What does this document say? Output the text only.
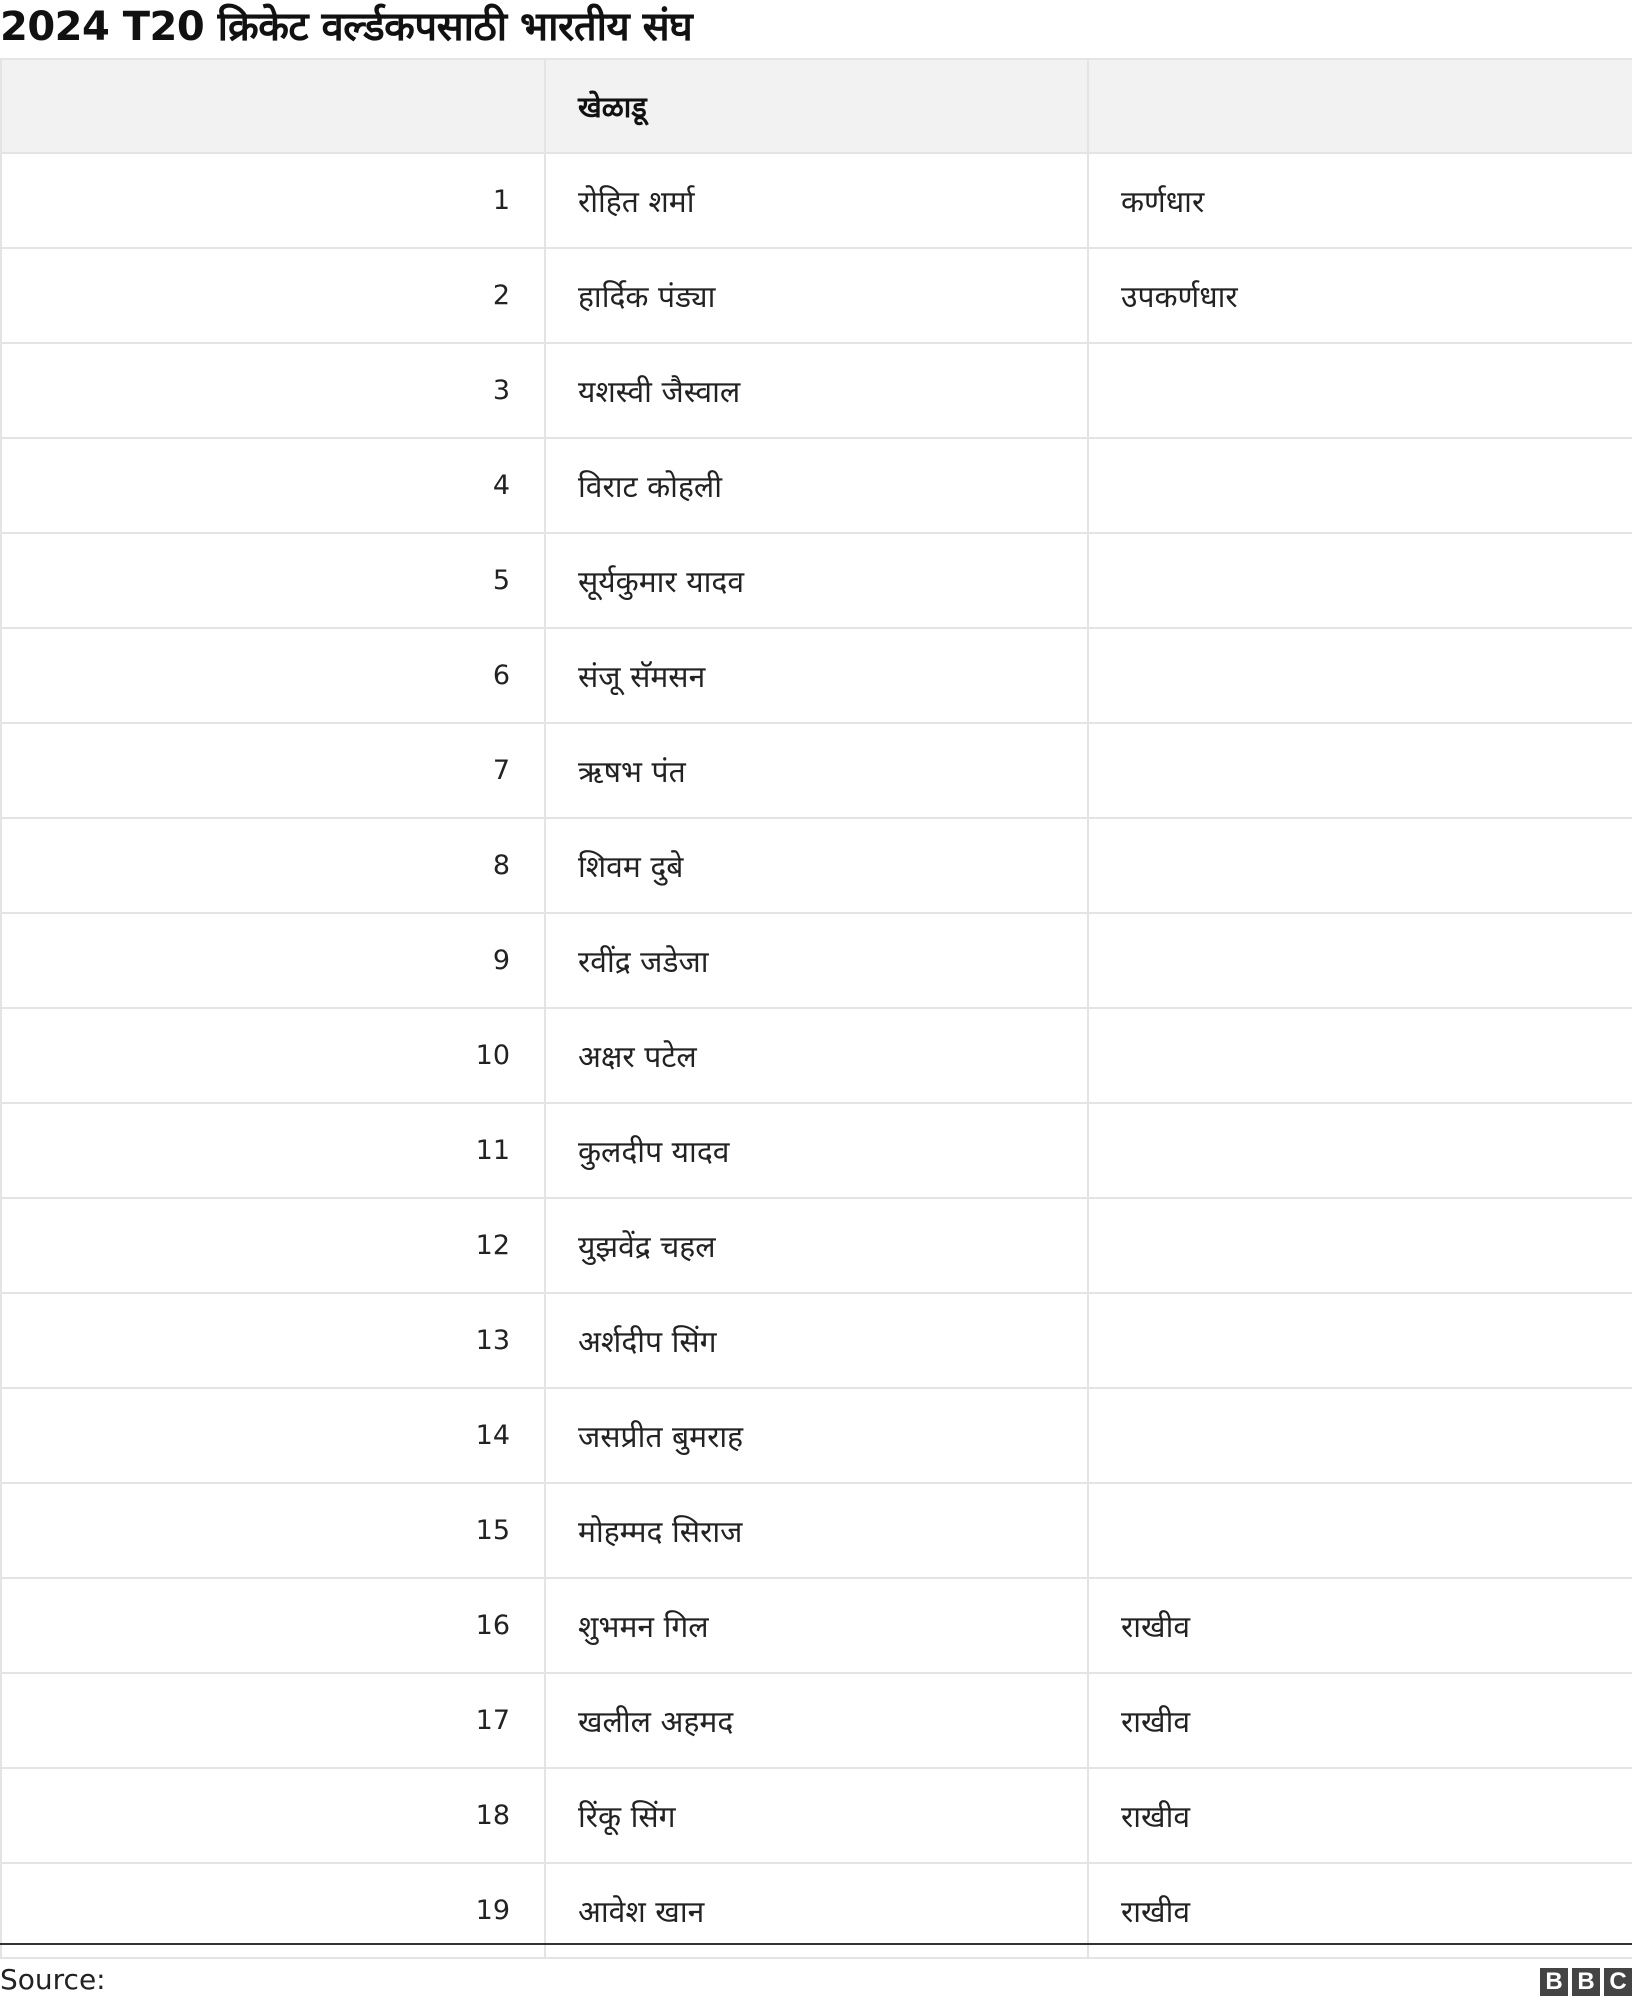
2024 T20 क्रिकेट वर्ल्डकपसाठी भारतीय संघ
	खेळाडू	
1	रोहित शर्मा	कर्णधार
2	हार्दिक पंड्या	उपकर्णधार
3	यशस्वी जैस्वाल	
4	विराट कोहली	
5	सूर्यकुमार यादव	
6	संजू सॅमसन	
7	ऋषभ पंत	
8	शिवम दुबे	
9	रवींद्र जडेजा	
10	अक्षर पटेल	
11	कुलदीप यादव	
12	युझवेंद्र चहल	
13	अर्शदीप सिंग	
14	जसप्रीत बुमराह	
15	मोहम्मद सिराज	
16	शुभमन गिल	राखीव
17	खलील अहमद	राखीव
18	रिंकू सिंग	राखीव
19	आवेश खान	राखीव
Source:	B B C
